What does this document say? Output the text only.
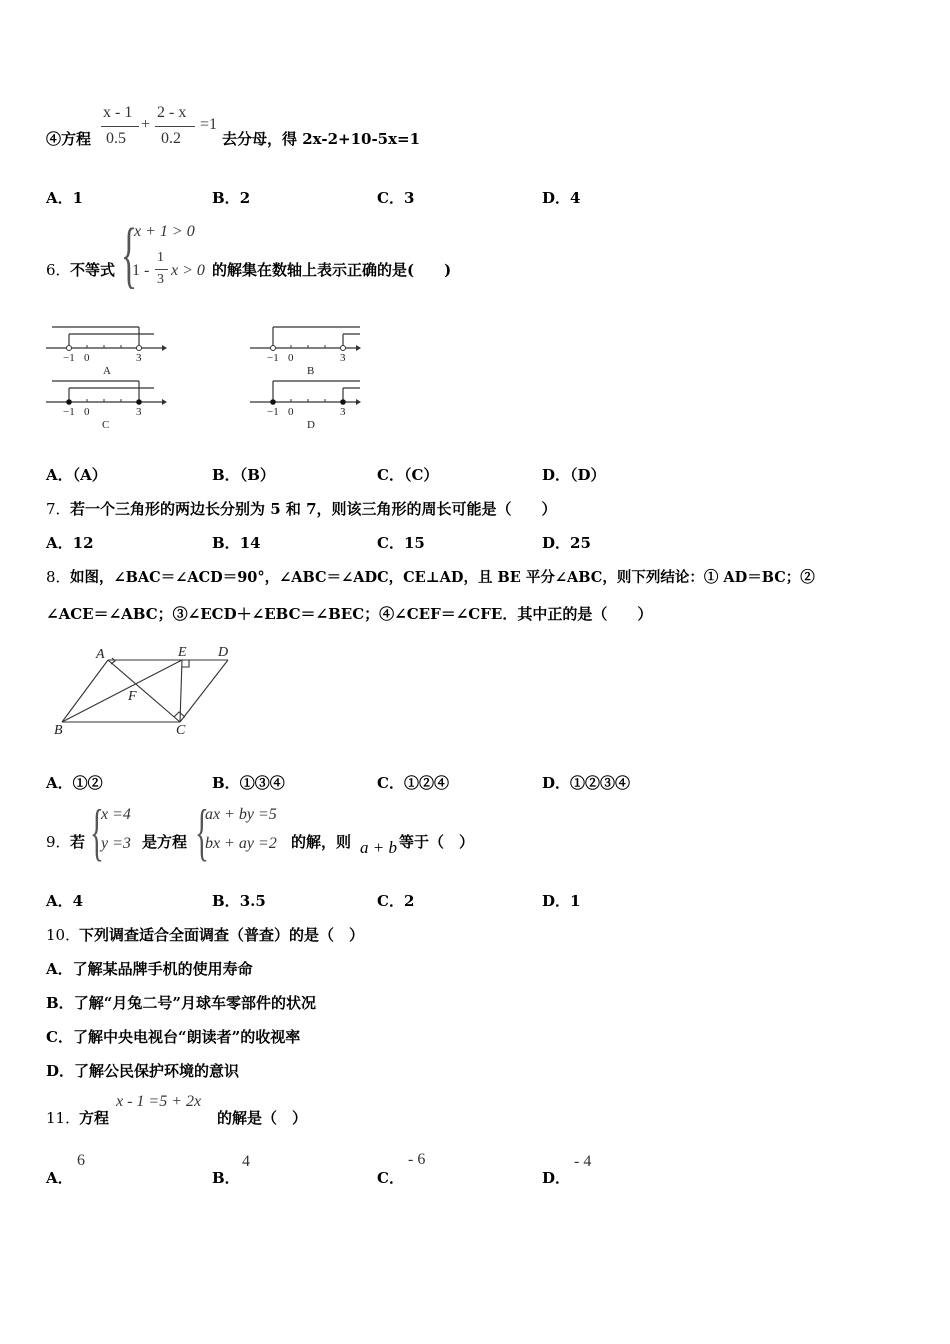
④方程
x - 1
0.5
+
2 - x
0.2
=1
去分母，得 2x-2+10-5x=1
A．1	B．2	C．3	D．4
6． 不等式 {
x + 1 > 0
1 -
1
3
x > 0 的解集在数轴上表示正确的是(　　)
−1 0	3
A
−1 0	3
B
−1 0	3
C
−1 0	3
D
A．（A）	B．（B）	C．（C）	D．（D）
7． 若一个三角形的两边长分别为 5 和 7，则该三角形的周长可能是（　　）
A．12	B．14	C．15	D．25
8． 如图，∠BAC＝∠ACD＝90°，∠ABC＝∠ADC，CE⊥AD，且 BE 平分∠ABC，则下列结论：① AD＝BC；②
∠ACE＝∠ABC；③∠ECD＋∠EBC＝∠BEC；④∠CEF＝∠CFE．其中正的是（　　）
A	E D
F
B	C
A．①②	B．①③④	C．①②④	D．①②③④
9． 若 {
x =4
y =3 是方程 {
ax + by =5
bx + ay =2 的解，则 a + b 等于（　）
A．4	B．3.5	C．2	D．1
10．
下列调查适合全面调查（普查）的是（　）
A．了解某品牌手机的使用寿命
B．了解“月兔二号”月球车零部件的状况
C．了解中央电视台“朗读者”的收视率
D．了解公民保护环境的意识
11．
方程
x - 1 =5 + 2x
的解是（　）
A．
6
B．
4
C．
- 6
D．
- 4
